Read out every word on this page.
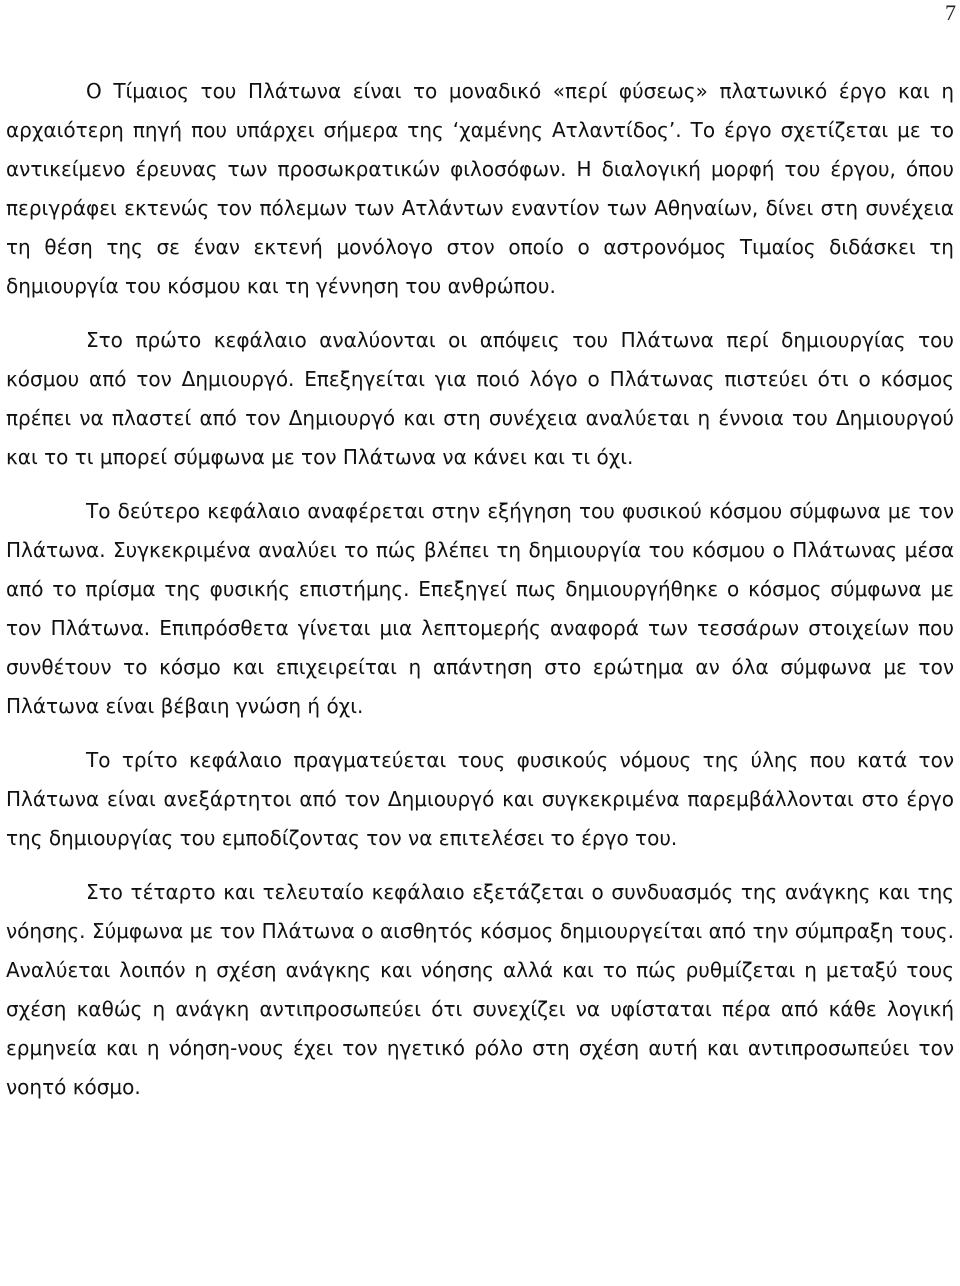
7

Ο Τίμαιος του Πλάτωνα είναι το μοναδικό «περί φύσεως» πλατωνικό έργο και η αρχαιότερη πηγή που υπάρχει σήμερα της ‘χαμένης Ατλαντίδος’. Το έργο σχετίζεται με το αντικείμενο έρευνας των προσωκρατικών φιλοσόφων. Η διαλογική μορφή του έργου, όπου περιγράφει εκτενώς τον πόλεμων των Ατλάντων εναντίον των Αθηναίων, δίνει στη συνέχεια τη θέση της σε έναν εκτενή μονόλογο στον οποίο ο αστρονόμος Τιμαίος διδάσκει τη δημιουργία του κόσμου και τη γέννηση του ανθρώπου.

Στο πρώτο κεφάλαιο αναλύονται οι απόψεις του Πλάτωνα περί δημιουργίας του κόσμου από τον Δημιουργό. Επεξηγείται για ποιό λόγο ο Πλάτωνας πιστεύει ότι ο κόσμος πρέπει να πλαστεί από τον Δημιουργό και στη συνέχεια αναλύεται η έννοια του Δημιουργού και το τι μπορεί σύμφωνα με τον Πλάτωνα να κάνει και τι όχι.

Το δεύτερο κεφάλαιο αναφέρεται στην εξήγηση του φυσικού κόσμου σύμφωνα με τον Πλάτωνα. Συγκεκριμένα αναλύει το πώς βλέπει τη δημιουργία του κόσμου ο Πλάτωνας μέσα από το πρίσμα της φυσικής επιστήμης. Επεξηγεί πως δημιουργήθηκε ο κόσμος σύμφωνα με τον Πλάτωνα. Επιπρόσθετα γίνεται μια λεπτομερής αναφορά των τεσσάρων στοιχείων που συνθέτουν το κόσμο και επιχειρείται η απάντηση στο ερώτημα αν όλα σύμφωνα με τον Πλάτωνα είναι βέβαιη γνώση ή όχι.

Το τρίτο κεφάλαιο πραγματεύεται τους φυσικούς νόμους της ύλης που κατά τον Πλάτωνα είναι ανεξάρτητοι από τον Δημιουργό και συγκεκριμένα παρεμβάλλονται στο έργο της δημιουργίας του εμποδίζοντας τον να επιτελέσει το έργο του.

Στο τέταρτο και τελευταίο κεφάλαιο εξετάζεται ο συνδυασμός της ανάγκης και της νόησης. Σύμφωνα με τον Πλάτωνα ο αισθητός κόσμος δημιουργείται από την σύμπραξη τους. Αναλύεται λοιπόν η σχέση ανάγκης και νόησης αλλά και το πώς ρυθμίζεται η μεταξύ τους σχέση καθώς η ανάγκη αντιπροσωπεύει ότι συνεχίζει να υφίσταται πέρα από κάθε λογική ερμηνεία και η νόηση-νους έχει τον ηγετικό ρόλο στη σχέση αυτή και αντιπροσωπεύει τον νοητό κόσμο.
